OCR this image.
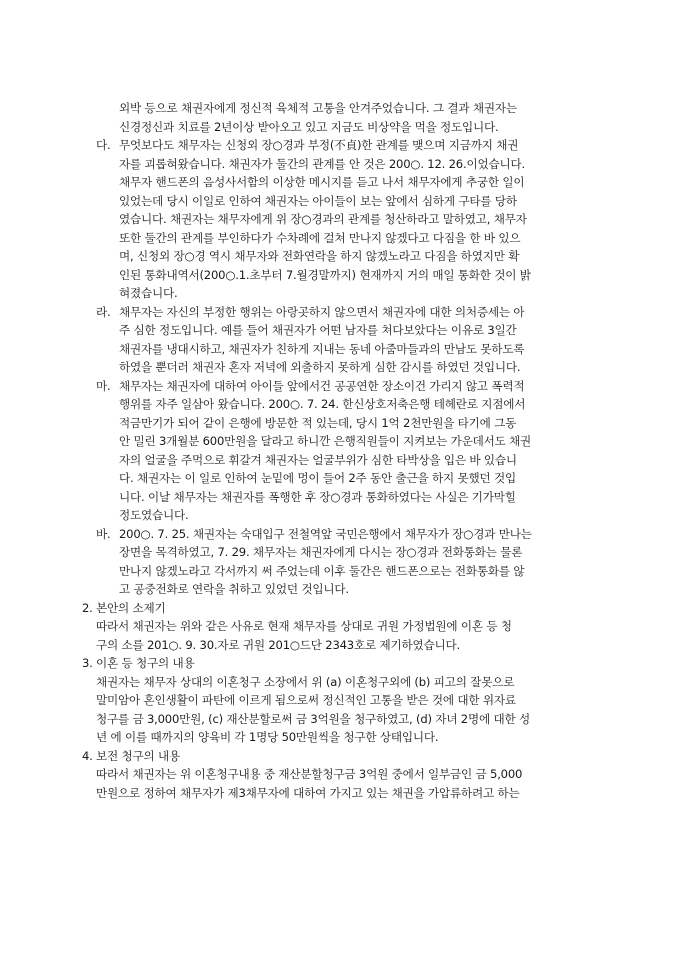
외박 등으로 채권자에게 정신적 육체적 고통을 안겨주었습니다. 그 결과 채권자는
신경정신과 치료를 2년이상 받아오고 있고 지금도 비상약을 먹을 정도입니다.
다. 무엇보다도 채무자는 신청외 장○경과 부정(不貞)한 관계를 맺으며 지금까지 채권
자를 괴롭혀왔습니다. 채권자가 둘간의 관계를 안 것은 200○. 12. 26.이었습니다.
채무자 핸드폰의 음성사서함의 이상한 메시지를 듣고 나서 채무자에게 추궁한 일이
있었는데 당시 이일로 인하여 채권자는 아이들이 보는 앞에서 심하게 구타를 당하
였습니다. 채권자는 채무자에게 위 장○경과의 관계를 청산하라고 말하였고, 채무자
또한 둘간의 관계를 부인하다가 수차례에 걸쳐 만나지 않겠다고 다짐을 한 바 있으
며, 신청외 장○경 역시 채무자와 전화연락을 하지 않겠노라고 다짐을 하였지만 확
인된 통화내역서(200○.1.초부터 7.월경말까지) 현재까지 거의 매일 통화한 것이 밝
혀졌습니다.
라. 채무자는 자신의 부정한 행위는 아랑곳하지 않으면서 채권자에 대한 의처증세는 아
주 심한 정도입니다. 예를 들어 채권자가 어떤 남자를 쳐다보았다는 이유로 3일간
채권자를 냉대시하고, 채권자가 친하게 지내는 동네 아줌마들과의 만남도 못하도록
하였을 뿐더러 채권자 혼자 저녁에 외출하지 못하게 심한 감시를 하였던 것입니다.
마. 채무자는 채권자에 대하여 아이들 앞에서건 공공연한 장소이건 가리지 않고 폭력적
행위를 자주 일삼아 왔습니다. 200○. 7. 24. 한신상호저축은행 테헤란로 지점에서
적금만기가 되어 같이 은행에 방문한 적 있는데, 당시 1억 2천만원을 타기에 그동
안 밀린 3개월분 600만원을 달라고 하니깐 은행직원들이 지켜보는 가운데서도 채권
자의 얼굴을 주먹으로 휘갈겨 채권자는 얼굴부위가 심한 타박상을 입은 바 있습니
다. 채권자는 이 일로 인하여 눈밑에 멍이 들어 2주 동안 출근을 하지 못했던 것입
니다. 이날 채무자는 채권자를 폭행한 후 장○경과 통화하였다는 사실은 기가막힐
정도였습니다.
바. 200○. 7. 25. 채권자는 숙대입구 전철역앞 국민은행에서 채무자가 장○경과 만나는
장면을 목격하였고, 7. 29. 채무자는 채권자에게 다시는 장○경과 전화통화는 물론
만나지 않겠노라고 각서까지 써 주었는데 이후 둘간은 핸드폰으로는 전화통화를 않
고 공중전화로 연락을 취하고 있었던 것입니다.
2. 본안의 소제기
따라서 채권자는 위와 같은 사유로 현재 채무자를 상대로 귀원 가정법원에 이혼 등 청
구의 소를 201○. 9. 30.자로 귀원 201○드단 2343호로 제기하였습니다.
3. 이혼 등 청구의 내용
채권자는 채무자 상대의 이혼청구 소장에서 위 (a) 이혼청구외에 (b) 피고의 잘못으로
말미암아 혼인생활이 파탄에 이르게 됨으로써 정신적인 고통을 받은 것에 대한 위자료
청구를 금 3,000만원, (c) 재산분할로써 금 3억원을 청구하였고, (d) 자녀 2명에 대한 성
년 에 이를 때까지의 양육비 각 1명당 50만원씩을 청구한 상태입니다.
4. 보전 청구의 내용
따라서 채권자는 위 이혼청구내용 중 재산분할청구금 3억원 중에서 일부금인 금 5,000
만원으로 정하여 채무자가 제3채무자에 대하여 가지고 있는 채권을 가압류하려고 하는
